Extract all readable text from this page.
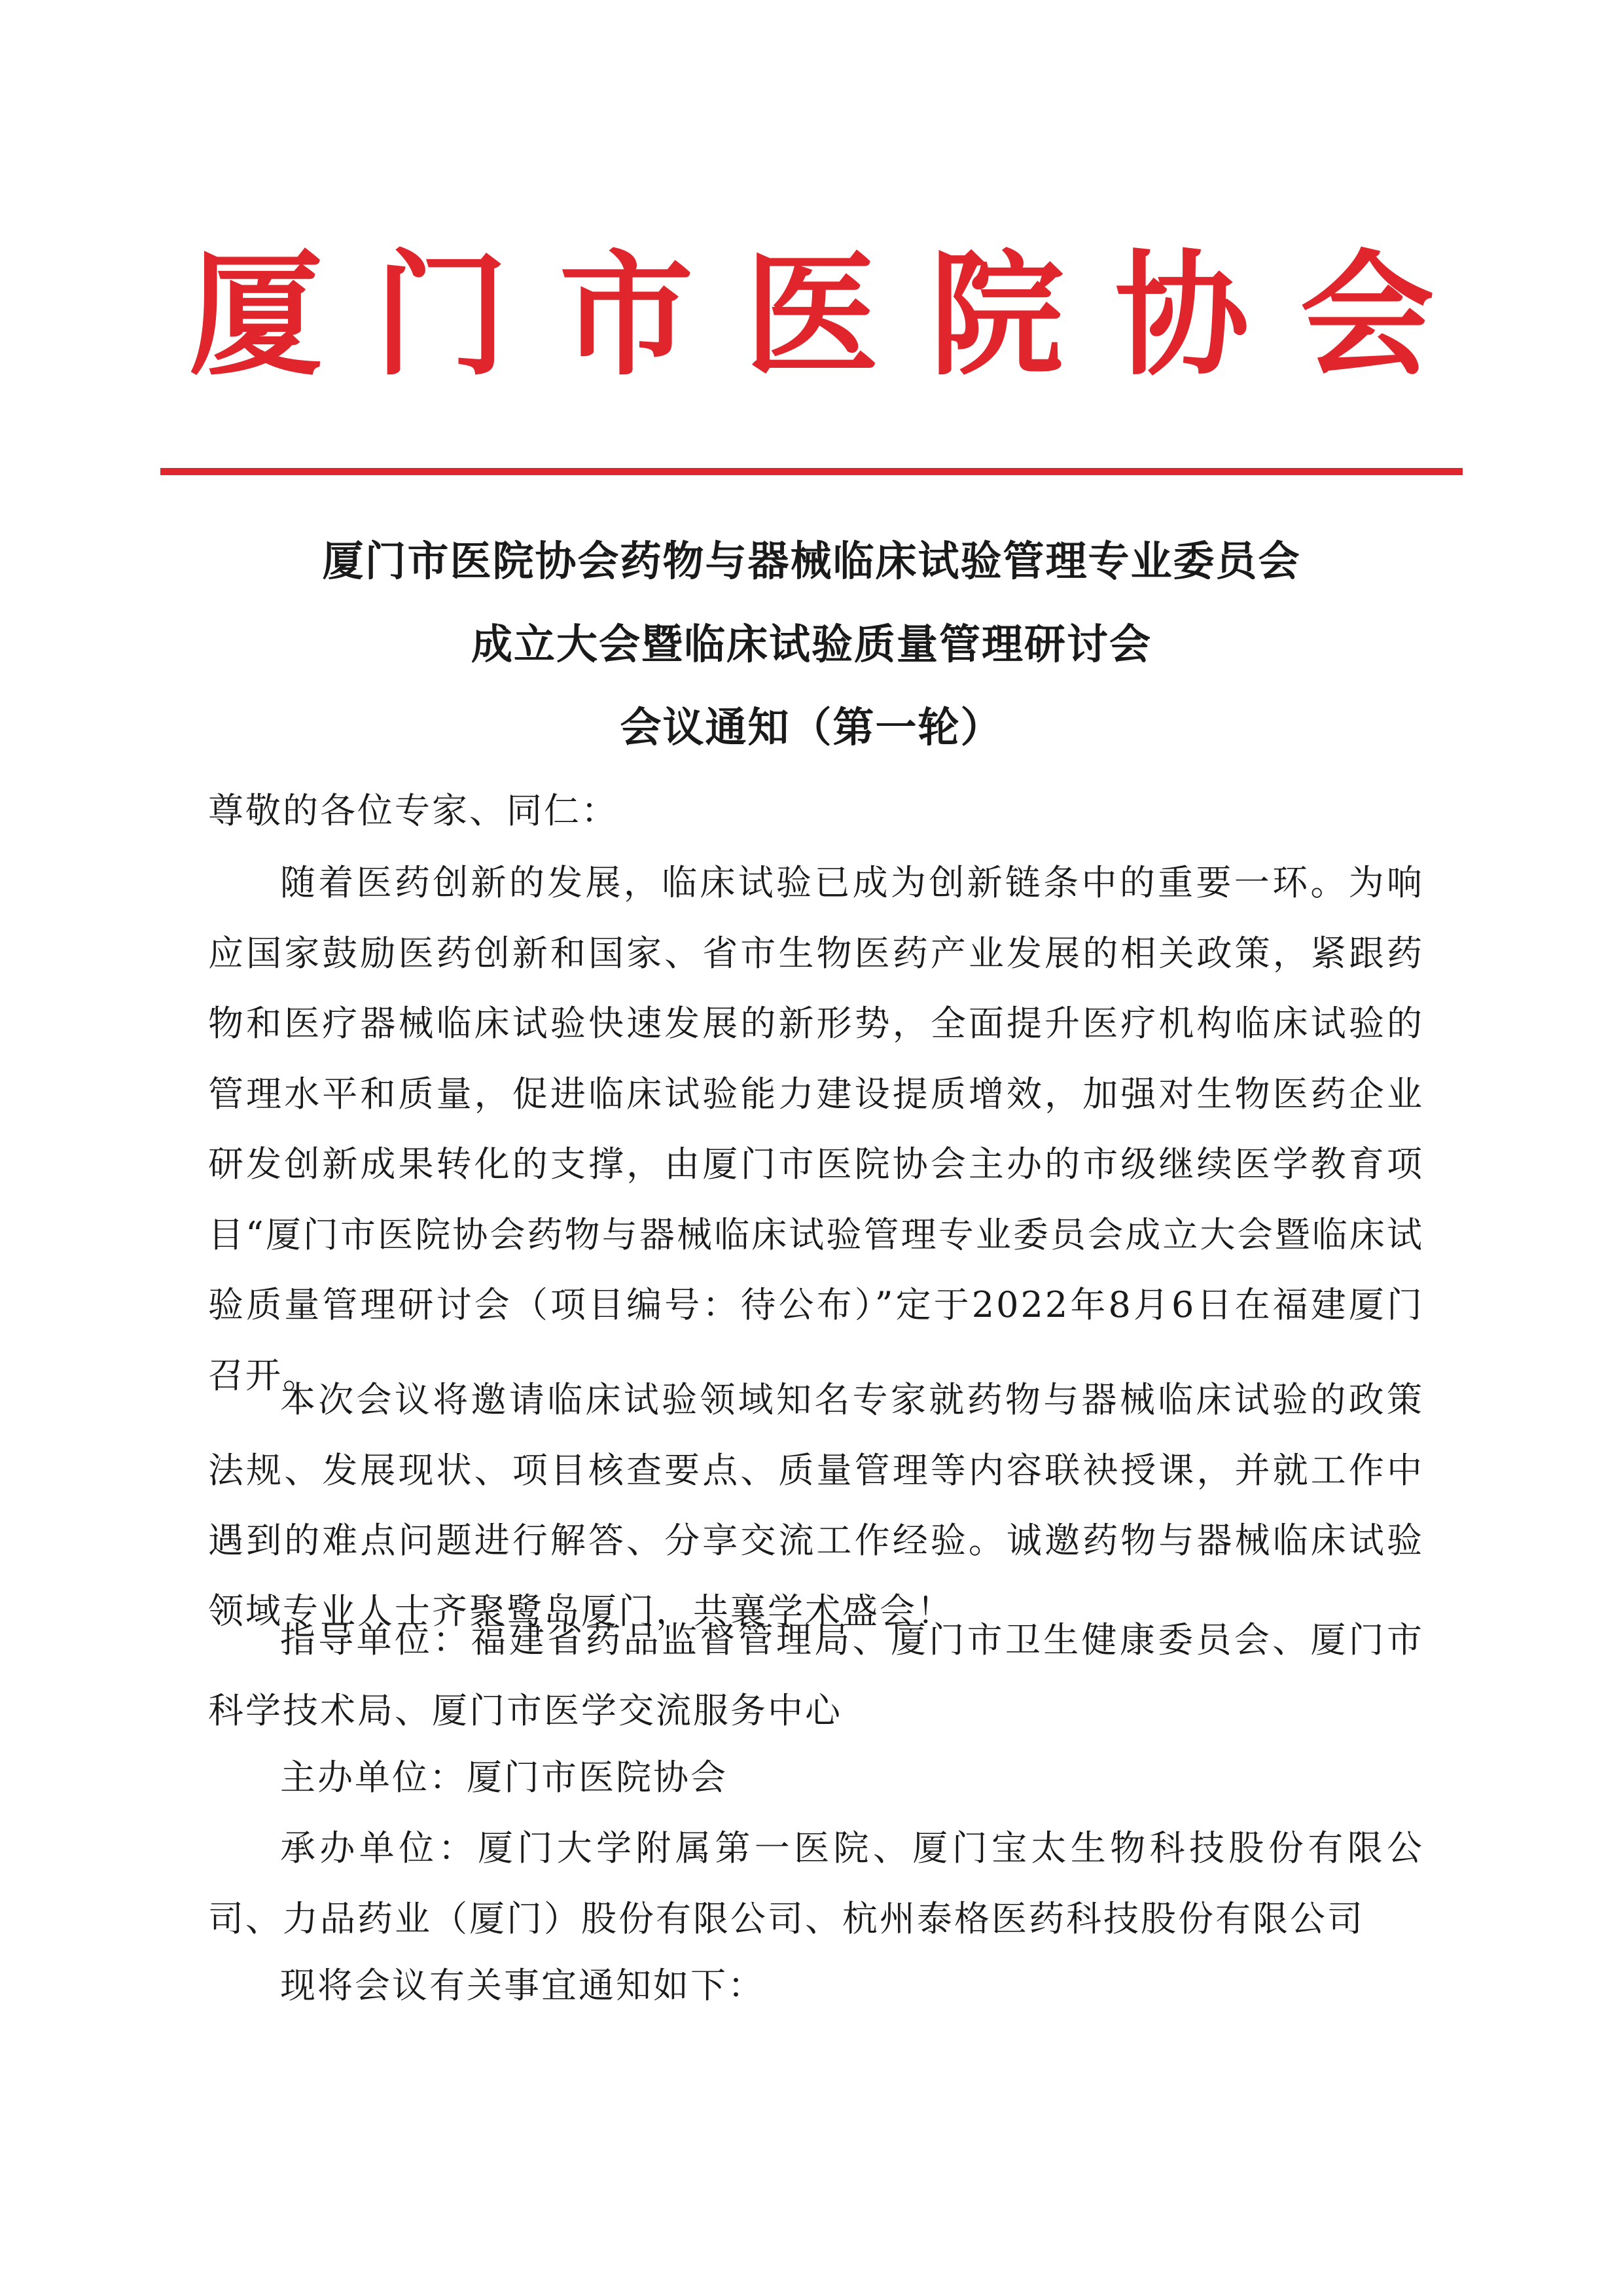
厦门市医院协会
厦门市医院协会药物与器械临床试验管理专业委员会
成立大会暨临床试验质量管理研讨会
会议通知（第一轮）
尊敬的各位专家、同仁：

随着医药创新的发展，临床试验已成为创新链条中的重要一环。为响应国家鼓励医药创新和国家、省市生物医药产业发展的相关政策，紧跟药物和医疗器械临床试验快速发展的新形势，全面提升医疗机构临床试验的管理水平和质量，促进临床试验能力建设提质增效，加强对生物医药企业研发创新成果转化的支撑，由厦门市医院协会主办的市级继续医学教育项目“厦门市医院协会药物与器械临床试验管理专业委员会成立大会暨临床试验质量管理研讨会（项目编号：待公布）”定于2022年8月6日在福建厦门召开。

本次会议将邀请临床试验领域知名专家就药物与器械临床试验的政策法规、发展现状、项目核查要点、质量管理等内容联袂授课，并就工作中遇到的难点问题进行解答、分享交流工作经验。诚邀药物与器械临床试验领域专业人士齐聚鹭岛厦门，共襄学术盛会！

指导单位：福建省药品监督管理局、厦门市卫生健康委员会、厦门市科学技术局、厦门市医学交流服务中心

主办单位：厦门市医院协会

承办单位：厦门大学附属第一医院、厦门宝太生物科技股份有限公司、力品药业（厦门）股份有限公司、杭州泰格医药科技股份有限公司

现将会议有关事宜通知如下：
